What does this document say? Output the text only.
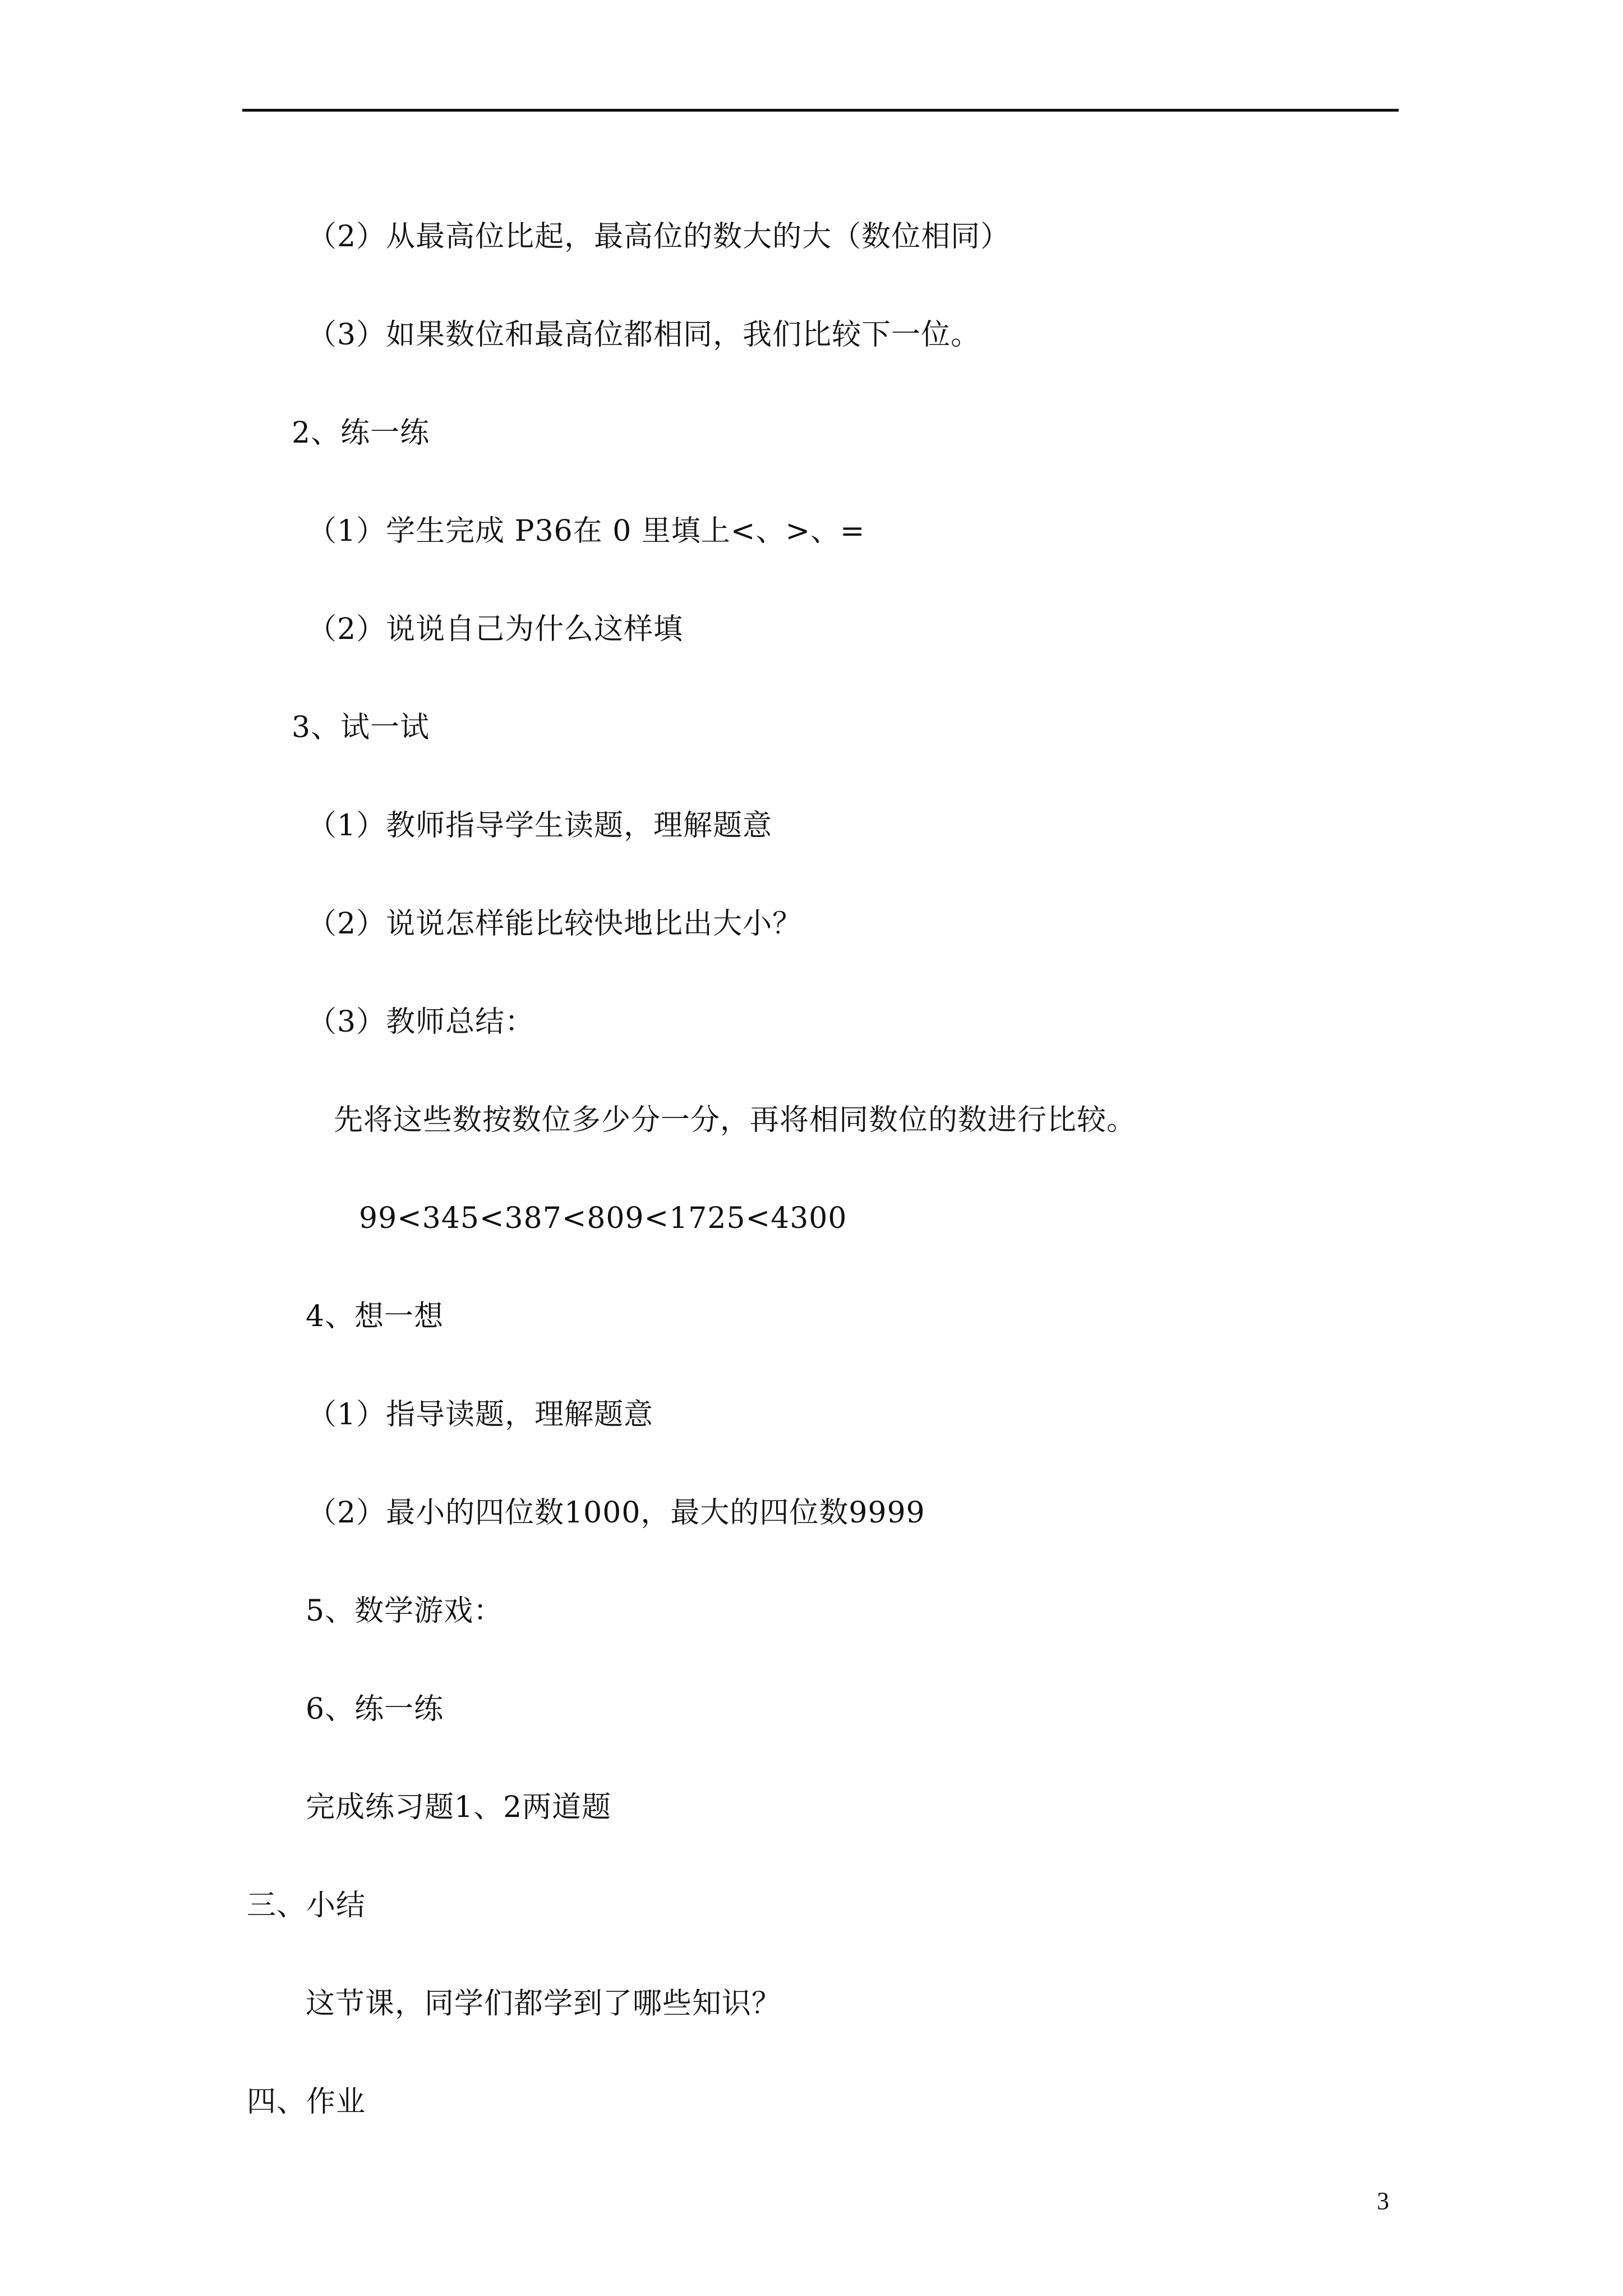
（2）从最高位比起，最高位的数大的大（数位相同）
（3）如果数位和最高位都相同，我们比较下一位。
2、练一练
（1）学生完成 P36在 0 里填上<、>、=
（2）说说自己为什么这样填
3、试一试
（1）教师指导学生读题，理解题意
（2）说说怎样能比较快地比出大小？
（3）教师总结：
先将这些数按数位多少分一分，再将相同数位的数进行比较。
99<345<387<809<1725<4300
4、想一想
（1）指导读题，理解题意
（2）最小的四位数1000，最大的四位数9999
5、数学游戏：
6、练一练
完成练习题1、2两道题
三、小结
这节课，同学们都学到了哪些知识？
四、作业
3
